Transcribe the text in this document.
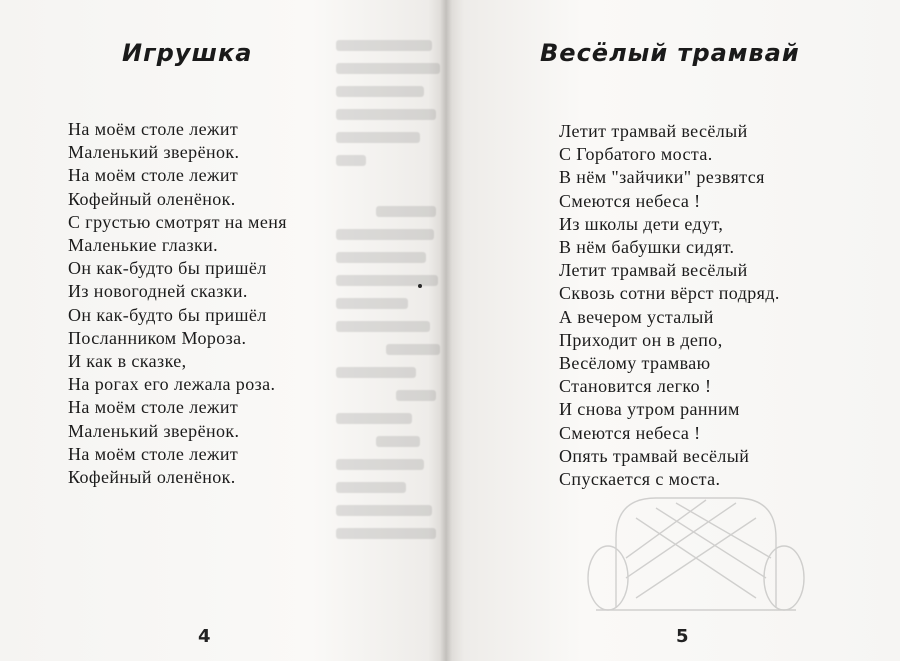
Игрушка
На моём столе лежит
Маленький зверёнок.
На моём столе лежит
Кофейный оленёнок.
С грустью смотрят на меня
Маленькие глазки.
Он как-будто бы пришёл
Из новогодней сказки.
Он как-будто бы пришёл
Посланником Мороза.
И как в сказке,
На рогах его лежала роза.
На моём столе лежит
Маленький зверёнок.
На моём столе лежит
Кофейный оленёнок.
4
Весёлый трамвай
Летит трамвай весёлый
С Горбатого моста.
В нём "зайчики" резвятся
Смеются небеса !
Из школы дети едут,
В нём бабушки сидят.
Летит трамвай весёлый
Сквозь сотни вёрст подряд.
А вечером усталый
Приходит он в депо,
Весёлому трамваю
Становится легко !
И снова утром ранним
Смеются небеса !
Опять трамвай весёлый
Спускается с моста.
5
